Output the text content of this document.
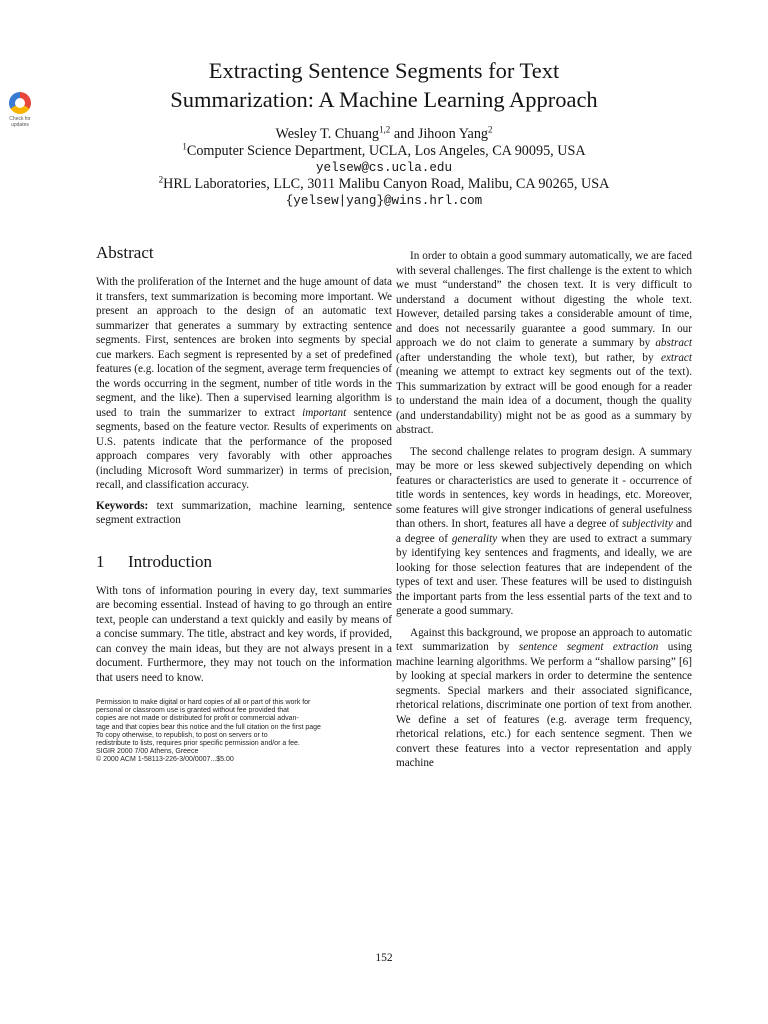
Check for
updates
Extracting Sentence Segments for Text
Summarization: A Machine Learning Approach
Wesley T. Chuang$^{1,2}$ and Jihoon Yang$^2$
$^1$Computer Science Department, UCLA, Los Angeles, CA 90095, USA
yelsew@cs.ucla.edu
$^2$HRL Laboratories, LLC, 3011 Malibu Canyon Road, Malibu, CA 90265, USA
{yelsew|yang}@wins.hrl.com
Abstract

With the proliferation of the Internet and the huge amount of data it transfers, text summarization is becoming more important. We present an approach to the design of an automatic text summarizer that generates a summary by extracting sentence segments. First, sentences are broken into segments by special cue markers. Each segment is represented by a set of predefined features (e.g. location of the segment, average term frequencies of the words occurring in the segment, number of title words in the segment, and the like). Then a supervised learning algorithm is used to train the summarizer to extract important sentence segments, based on the feature vector. Results of experiments on U.S. patents indicate that the performance of the proposed approach compares very favorably with other approaches (including Microsoft Word summarizer) in terms of precision, recall, and classification accuracy.

Keywords: text summarization, machine learning, sentence segment extraction

1 Introduction

With tons of information pouring in every day, text summaries are becoming essential. Instead of having to go through an entire text, people can understand a text quickly and easily by means of a concise summary. The title, abstract and key words, if provided, can convey the main ideas, but they are not always present in a document. Furthermore, they may not touch on the information that users need to know.

Permission to make digital or hard copies of all or part of this work for
personal or classroom use is granted without fee provided that
copies are not made or distributed for profit or commercial advan-
tage and that copies bear this notice and the full citation on the first page
To copy otherwise, to republish, to post on servers or to
redistribute to lists, requires prior specific permission and/or a fee.
SIGIR 2000 7/00 Athens, Greece
© 2000 ACM 1-58113-226-3/00/0007...$5.00

In order to obtain a good summary automatically, we are faced with several challenges. The first challenge is the extent to which we must “understand” the chosen text. It is very difficult to understand a document without digesting the whole text. However, detailed parsing takes a considerable amount of time, and does not necessarily guarantee a good summary. In our approach we do not claim to generate a summary by abstract (after understanding the whole text), but rather, by extract (meaning we attempt to extract key segments out of the text). This summarization by extract will be good enough for a reader to understand the main idea of a document, though the quality (and understandability) might not be as good as a summary by abstract.

The second challenge relates to program design. A summary may be more or less skewed subjectively depending on which features or characteristics are used to generate it - occurrence of title words in sentences, key words in headings, etc. Moreover, some features will give stronger indications of general usefulness than others. In short, features all have a degree of subjectivity and a degree of generality when they are used to extract a summary by identifying key sentences and fragments, and ideally, we are looking for those selection features that are independent of the types of text and user. These features will be used to distinguish the important parts from the less essential parts of the text and to generate a good summary.

Against this background, we propose an approach to automatic text summarization by sentence segment extraction using machine learning algorithms. We perform a “shallow parsing” [6] by looking at special markers in order to determine the sentence segments. Special markers and their associated significance, rhetorical relations, discriminate one portion of text from another. We define a set of features (e.g. average term frequency, rhetorical relations, etc.) for each sentence segment. Then we convert these features into a vector representation and apply machine

152
